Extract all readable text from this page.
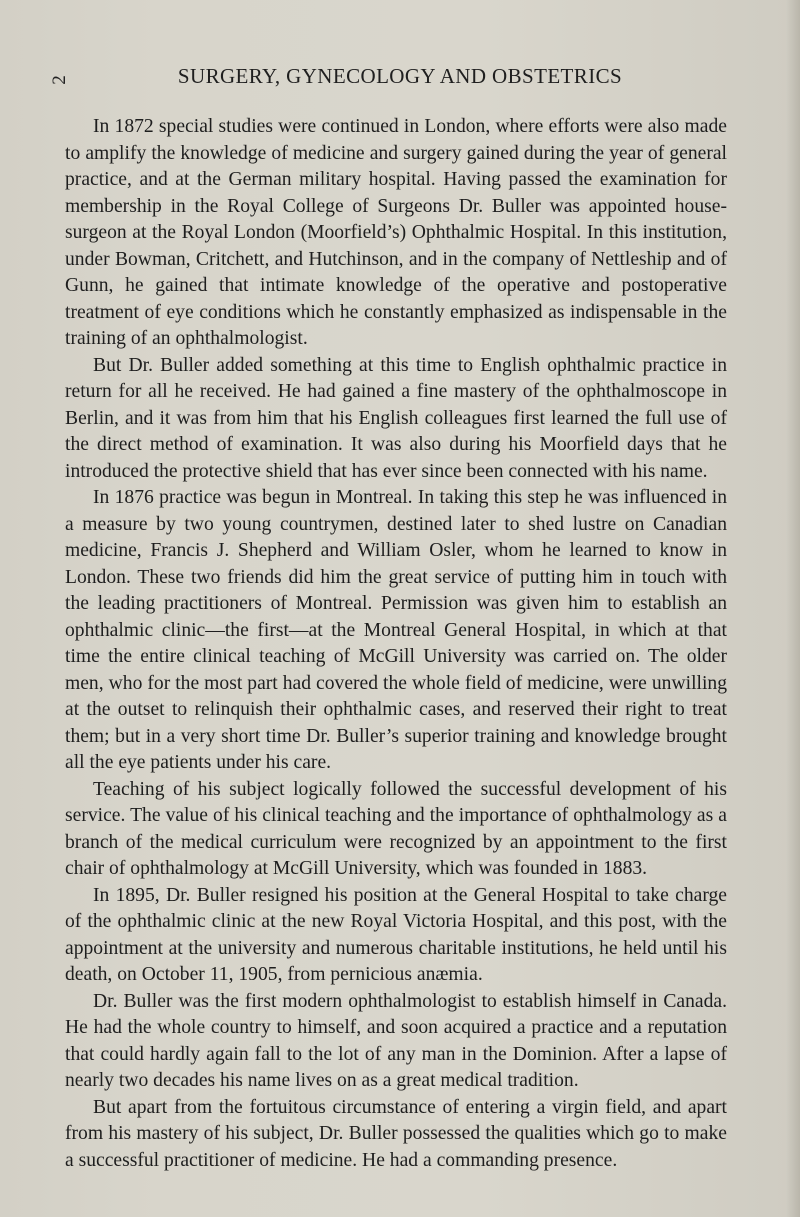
2	SURGERY, GYNECOLOGY AND OBSTETRICS

In 1872 special studies were continued in London, where efforts were also made to amplify the knowledge of medicine and surgery gained during the year of general practice, and at the German military hospital. Having passed the examination for membership in the Royal College of Surgeons Dr. Buller was appointed house-surgeon at the Royal London (Moorfield’s) Ophthalmic Hospital. In this institution, under Bowman, Critchett, and Hutchinson, and in the company of Nettleship and of Gunn, he gained that intimate knowledge of the operative and postoperative treatment of eye conditions which he constantly emphasized as indispensable in the training of an ophthalmologist.

But Dr. Buller added something at this time to English ophthalmic practice in return for all he received. He had gained a fine mastery of the ophthalmoscope in Berlin, and it was from him that his English colleagues first learned the full use of the direct method of examination. It was also during his Moorfield days that he introduced the protective shield that has ever since been connected with his name.

In 1876 practice was begun in Montreal. In taking this step he was influenced in a measure by two young countrymen, destined later to shed lustre on Canadian medicine, Francis J. Shepherd and William Osler, whom he learned to know in London. These two friends did him the great service of putting him in touch with the leading practitioners of Montreal. Permission was given him to establish an ophthalmic clinic—the first—at the Montreal General Hospital, in which at that time the entire clinical teaching of McGill University was carried on. The older men, who for the most part had covered the whole field of medicine, were unwilling at the outset to relinquish their ophthalmic cases, and reserved their right to treat them; but in a very short time Dr. Buller’s superior training and knowledge brought all the eye patients under his care.

Teaching of his subject logically followed the successful development of his service. The value of his clinical teaching and the importance of ophthalmology as a branch of the medical curriculum were recognized by an appointment to the first chair of ophthalmology at McGill University, which was founded in 1883.

In 1895, Dr. Buller resigned his position at the General Hospital to take charge of the ophthalmic clinic at the new Royal Victoria Hospital, and this post, with the appointment at the university and numerous charitable institutions, he held until his death, on October 11, 1905, from pernicious anæmia.

Dr. Buller was the first modern ophthalmologist to establish himself in Canada. He had the whole country to himself, and soon acquired a practice and a reputation that could hardly again fall to the lot of any man in the Dominion. After a lapse of nearly two decades his name lives on as a great medical tradition.

But apart from the fortuitous circumstance of entering a virgin field, and apart from his mastery of his subject, Dr. Buller possessed the qualities which go to make a successful practitioner of medicine. He had a commanding presence.
